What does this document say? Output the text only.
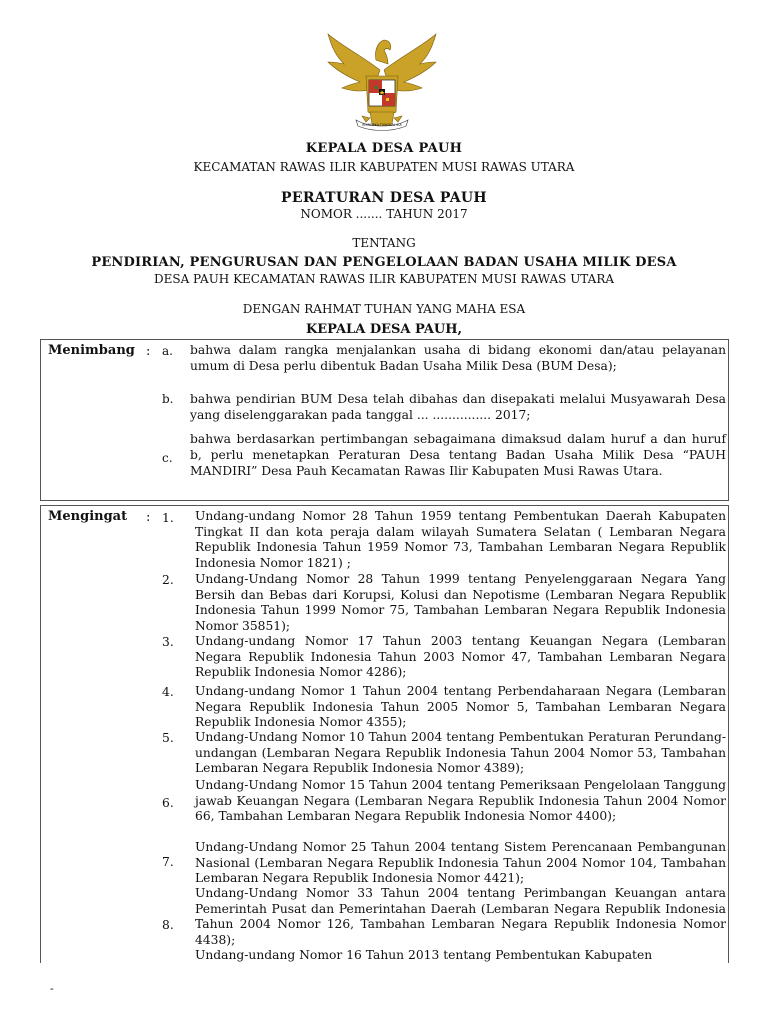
BHINNEKA TUNGGAL IKA
KEPALA DESA PAUH
KECAMATAN RAWAS ILIR KABUPATEN MUSI RAWAS UTARA
PERATURAN DESA PAUH
NOMOR ....... TAHUN 2017
TENTANG
PENDIRIAN, PENGURUSAN DAN PENGELOLAAN BADAN USAHA MILIK DESA
DESA PAUH KECAMATAN RAWAS ILIR KABUPATEN MUSI RAWAS UTARA
DENGAN RAHMAT TUHAN YANG MAHA ESA
KEPALA DESA PAUH,
Menimbang : a. bahwa dalam rangka menjalankan usaha di bidang ekonomi dan/atau pelayanan umum di Desa perlu dibentuk Badan Usaha Milik Desa (BUM Desa);
b. bahwa pendirian BUM Desa telah dibahas dan disepakati melalui Musyawarah Desa yang diselenggarakan pada tanggal ... ............... 2017;
c.
bahwa berdasarkan pertimbangan sebagaimana dimaksud dalam huruf a dan huruf b, perlu menetapkan Peraturan Desa tentang Badan Usaha Milik Desa “PAUH MANDIRI” Desa Pauh Kecamatan Rawas Ilir Kabupaten Musi Rawas Utara.
Mengingat : 1. Undang-undang Nomor 28 Tahun 1959 tentang Pembentukan Daerah Kabupaten Tingkat II dan kota peraja dalam wilayah Sumatera Selatan ( Lembaran Negara Republik Indonesia Tahun 1959 Nomor 73, Tambahan Lembaran Negara Republik Indonesia Nomor 1821) ;
2. Undang-Undang Nomor 28 Tahun 1999 tentang Penyelenggaraan Negara Yang Bersih dan Bebas dari Korupsi, Kolusi dan Nepotisme (Lembaran Negara Republik Indonesia Tahun 1999 Nomor 75, Tambahan Lembaran Negara Republik Indonesia Nomor 35851);
3. Undang-undang Nomor 17 Tahun 2003 tentang Keuangan Negara (Lembaran Negara Republik Indonesia Tahun 2003 Nomor 47, Tambahan Lembaran Negara Republik Indonesia Nomor 4286);
4. Undang-undang Nomor 1 Tahun 2004 tentang Perbendaharaan Negara (Lembaran Negara Republik Indonesia Tahun 2005 Nomor 5, Tambahan Lembaran Negara Republik Indonesia Nomor 4355);
5. Undang-Undang Nomor 10 Tahun 2004 tentang Pembentukan Peraturan Perundang-undangan (Lembaran Negara Republik Indonesia Tahun 2004 Nomor 53, Tambahan Lembaran Negara Republik Indonesia Nomor 4389);
6.
Undang-Undang Nomor 15 Tahun 2004 tentang Pemeriksaan Pengelolaan Tanggung jawab Keuangan Negara (Lembaran Negara Republik Indonesia Tahun 2004 Nomor 66, Tambahan Lembaran Negara Republik Indonesia Nomor 4400);
7.
Undang-Undang Nomor 25 Tahun 2004 tentang Sistem Perencanaan Pembangunan Nasional (Lembaran Negara Republik Indonesia Tahun 2004 Nomor 104, Tambahan Lembaran Negara Republik Indonesia Nomor 4421);
8.
Undang-Undang Nomor 33 Tahun 2004 tentang Perimbangan Keuangan antara Pemerintah Pusat dan Pemerintahan Daerah (Lembaran Negara Republik Indonesia Tahun 2004 Nomor 126, Tambahan Lembaran Negara Republik Indonesia Nomor 4438);
Undang-undang Nomor 16 Tahun 2013 tentang Pembentukan Kabupaten
-
